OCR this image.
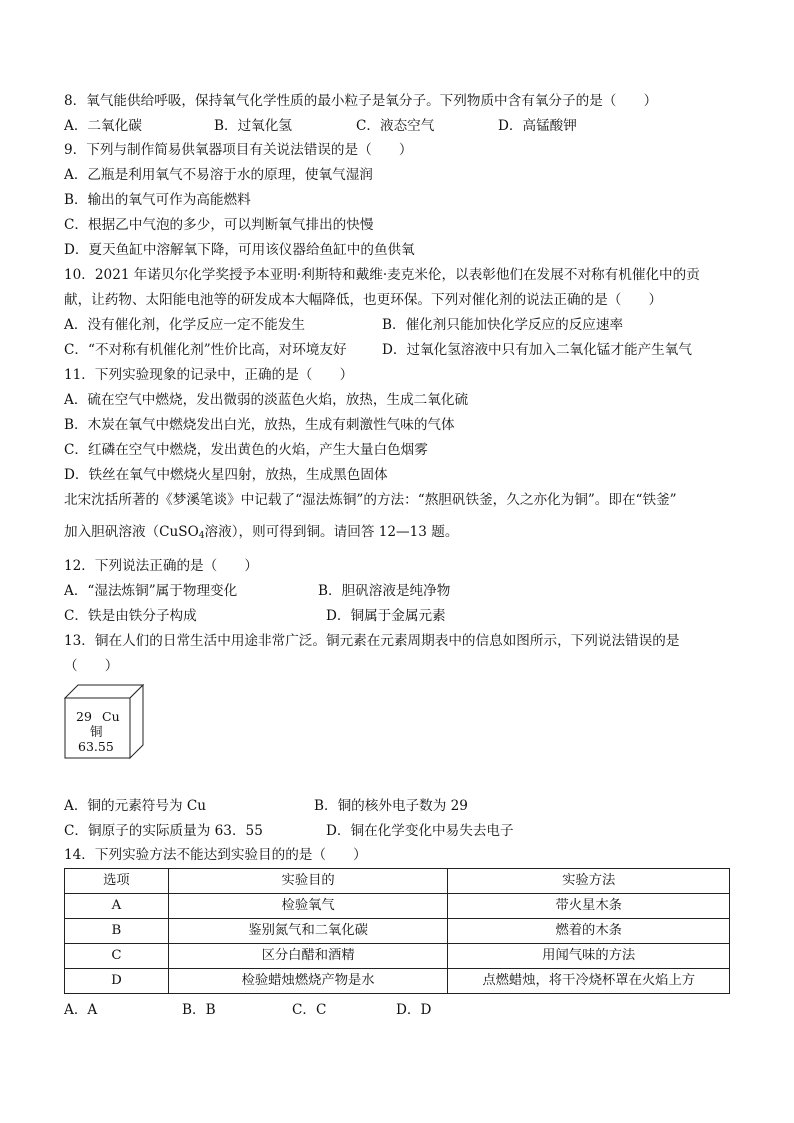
8．氧气能供给呼吸，保持氧气化学性质的最小粒子是氧分子。下列物质中含有氧分子的是（　　）
A．二氧化碳	B．过氧化氢	C．液态空气	D．高锰酸钾
9．下列与制作简易供氧器项目有关说法错误的是（　　）
A．乙瓶是利用氧气不易溶于水的原理，使氧气湿润
B．输出的氧气可作为高能燃料
C．根据乙中气泡的多少，可以判断氧气排出的快慢
D．夏天鱼缸中溶解氧下降，可用该仪器给鱼缸中的鱼供氧
10．2021 年诺贝尔化学奖授予本亚明·利斯特和戴维·麦克米伦，以表彰他们在发展不对称有机催化中的贡
献，让药物、太阳能电池等的研发成本大幅降低，也更环保。下列对催化剂的说法正确的是（　　）
A．没有催化剂，化学反应一定不能发生	B．催化剂只能加快化学反应的反应速率
C．“不对称有机催化剂”性价比高，对环境友好	D．过氧化氢溶液中只有加入二氧化锰才能产生氧气
11．下列实验现象的记录中，正确的是（　　）
A．硫在空气中燃烧，发出微弱的淡蓝色火焰，放热，生成二氧化硫
B．木炭在氧气中燃烧发出白光，放热，生成有刺激性气味的气体
C．红磷在空气中燃烧，发出黄色的火焰，产生大量白色烟雾
D．铁丝在氧气中燃烧火星四射，放热，生成黑色固体
北宋沈括所著的《梦溪笔谈》中记载了“湿法炼铜”的方法：“熬胆矾铁釜，久之亦化为铜”。即在“铁釜”
加入胆矾溶液（CuSO$_4$溶液），则可得到铜。请回答 12—13 题。
12．下列说法正确的是（　　）
A．“湿法炼铜”属于物理变化	B．胆矾溶液是纯净物
C．铁是由铁分子构成	D．铜属于金属元素
13．铜在人们的日常生活中用途非常广泛。铜元素在元素周期表中的信息如图所示，下列说法错误的是
（　　）
29 Cu
铜
63.55
A．铜的元素符号为 Cu	B．铜的核外电子数为 29
C．铜原子的实际质量为 63．55	D．铜在化学变化中易失去电子
14．下列实验方法不能达到实验目的的是（　　）
选项	实验目的	实验方法
A	检验氧气	带火星木条
B	鉴别氮气和二氧化碳	燃着的木条
C	区分白醋和酒精	用闻气味的方法
D	检验蜡烛燃烧产物是水	点燃蜡烛，将干冷烧杯罩在火焰上方
A．A	B．B	C．C	D．D
